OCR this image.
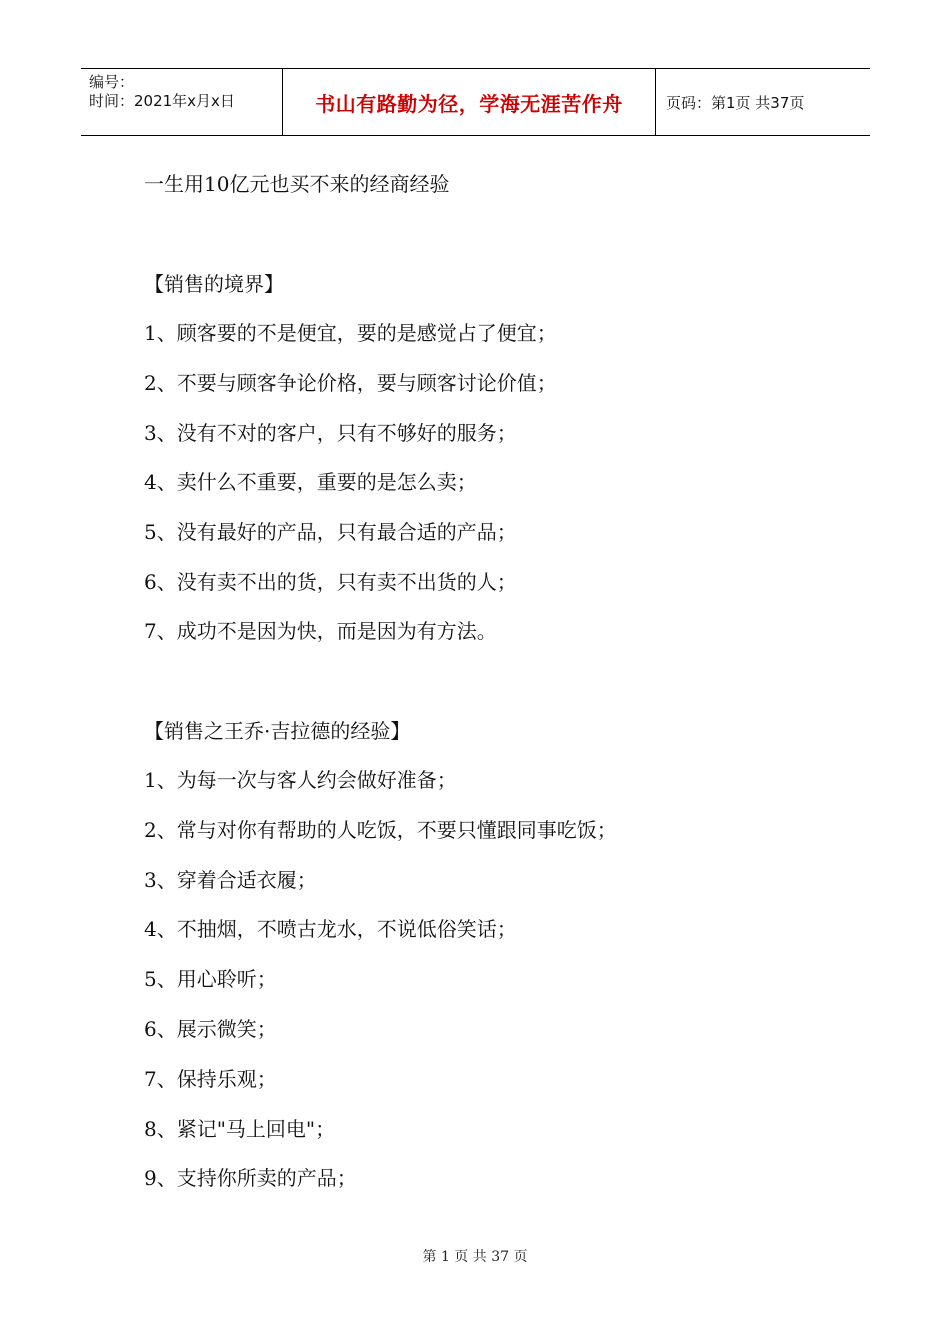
编号：
时间：2021年x月x日	书山有路勤为径，学海无涯苦作舟	页码：第1页 共37页
一生用10亿元也买不来的经商经验
【销售的境界】
1、顾客要的不是便宜，要的是感觉占了便宜；
2、不要与顾客争论价格，要与顾客讨论价值；
3、没有不对的客户，只有不够好的服务；
4、卖什么不重要，重要的是怎么卖；
5、没有最好的产品，只有最合适的产品；
6、没有卖不出的货，只有卖不出货的人；
7、成功不是因为快，而是因为有方法。
【销售之王乔·吉拉德的经验】
1、为每一次与客人约会做好准备；
2、常与对你有帮助的人吃饭，不要只懂跟同事吃饭；
3、穿着合适衣履；
4、不抽烟，不喷古龙水，不说低俗笑话；
5、用心聆听；
6、展示微笑；
7、保持乐观；
8、紧记"马上回电"；
9、支持你所卖的产品；
第 1 页 共 37 页
